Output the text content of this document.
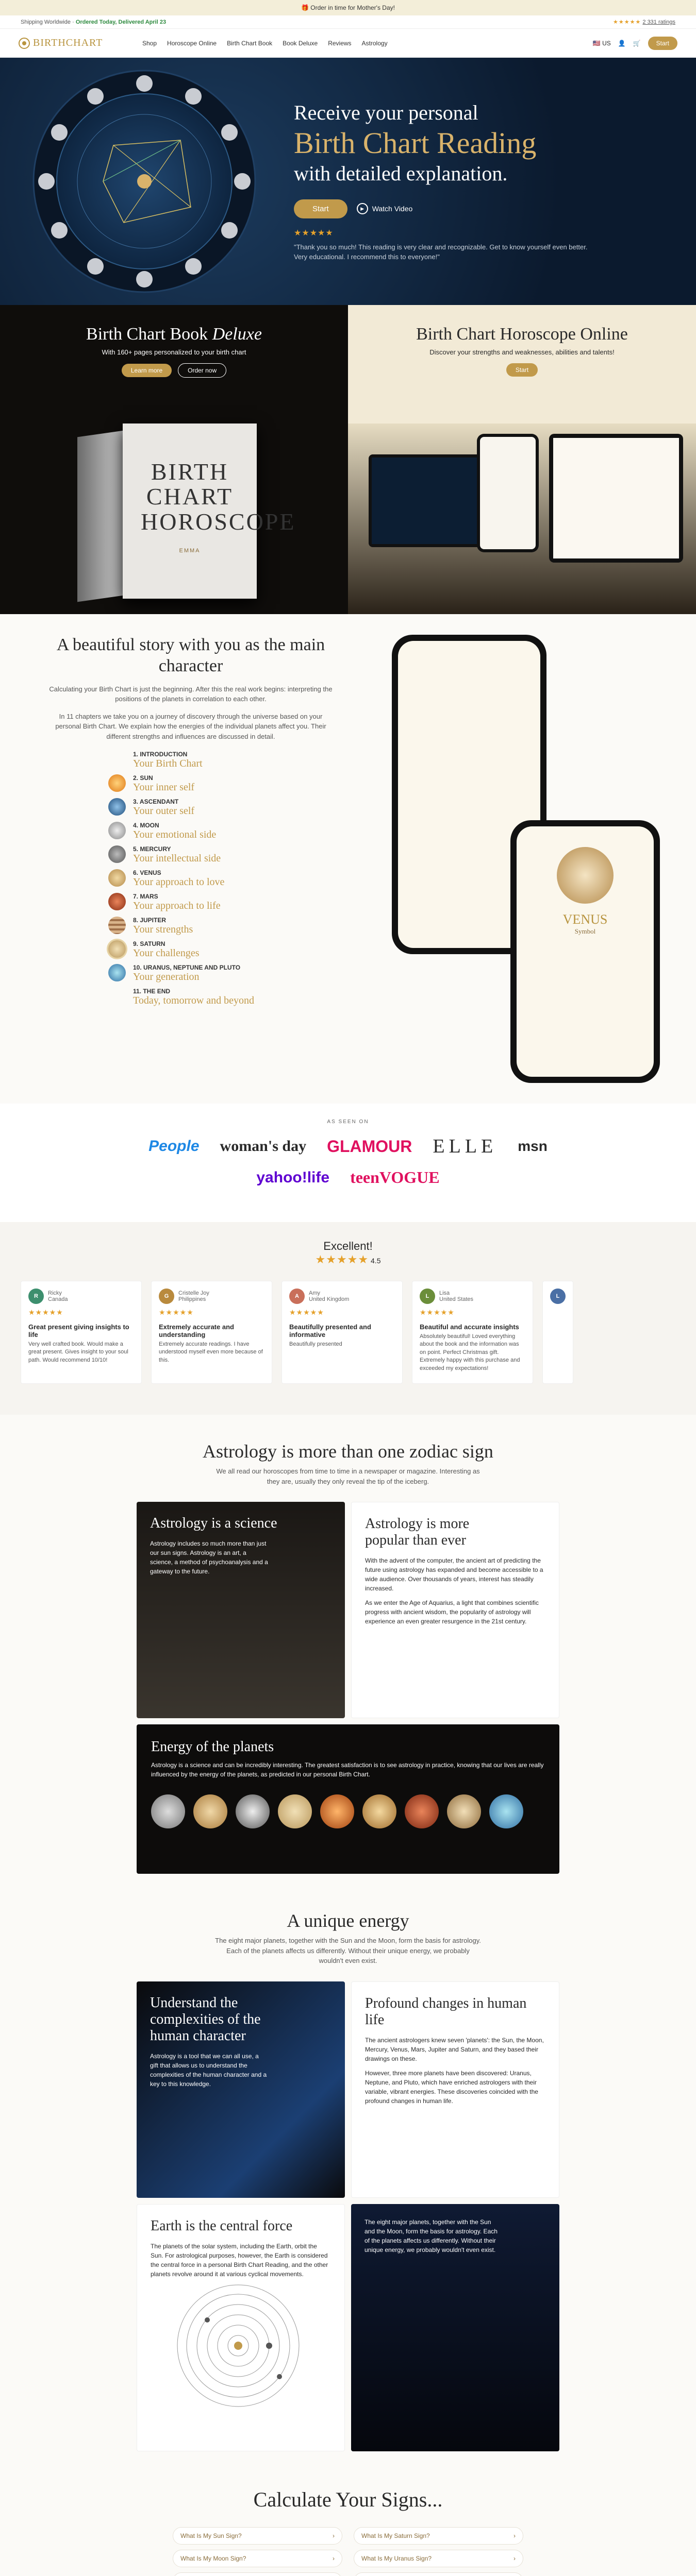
🎁 Order in time for Mother's Day!
Shipping Worldwide · Ordered Today, Delivered April 23	★★★★★ 2 331 ratings
BIRTHCHART	Shop Horoscope Online Birth Chart Book Book Deluxe Reviews Astrology	🇺🇸 US 👤 🛒	Start
Receive your personal
Birth Chart Reading
with detailed explanation.
Start	▶	Watch Video
★★★★★
"Thank you so much! This reading is very clear and recognizable. Get to know yourself even better. Very educational. I recommend this to everyone!"
Birth Chart Book Deluxe

With 160+ pages personalized to your birth chart

Learn more	Order now
BIRTH CHART HOROSCOPE
EMMA
Birth Chart Horoscope Online

Discover your strengths and weaknesses, abilities and talents!

Start
A beautiful story with you as the main character

Calculating your Birth Chart is just the beginning. After this the real work begins: interpreting the positions of the planets in correlation to each other.

In 11 chapters we take you on a journey of discovery through the universe based on your personal Birth Chart. We explain how the energies of the individual planets affect you. Their different strengths and influences are discussed in detail.

1. INTRODUCTION
Your Birth Chart
2. SUN
Your inner self
3. ASCENDANT
Your outer self
4. MOON
Your emotional side
5. MERCURY
Your intellectual side
6. VENUS
Your approach to love
7. MARS
Your approach to life
8. JUPITER
Your strengths
9. SATURN
Your challenges
10. URANUS, NEPTUNE AND PLUTO
Your generation
11. THE END
Today, tomorrow and beyond
VENUS
Symbol
AS SEEN ON
People woman's day GLAMOUR ELLE msn
yahoo!life teenVOGUE
Excellent!
★★★★★ 4.5
R	Ricky
Canada
★★★★★
Great present giving insights to life

Very well crafted book. Would make a great present. Gives insight to your soul path. Would recommend 10/10!

G	Cristelle Joy
Philippines
★★★★★
Extremely accurate and understanding

Extremely accurate readings. I have understood myself even more because of this.

A	Amy
United Kingdom
★★★★★
Beautifully presented and informative

Beautifully presented

L	Lisa
United States
★★★★★
Beautiful and accurate insights

Absolutely beautiful! Loved everything about the book and the information was on point. Perfect Christmas gift. Extremely happy with this purchase and exceeded my expectations!

L
Astrology is more than one zodiac sign

We all read our horoscopes from time to time in a newspaper or magazine. Interesting as they are, usually they only reveal the tip of the iceberg.

Astrology is a science

Astrology includes so much more than just our sun signs. Astrology is an art, a science, a method of psychoanalysis and a gateway to the future.

Astrology is more popular than ever

With the advent of the computer, the ancient art of predicting the future using astrology has expanded and become accessible to a wide audience. Over thousands of years, interest has steadily increased.

As we enter the Age of Aquarius, a light that combines scientific progress with ancient wisdom, the popularity of astrology will experience an even greater resurgence in the 21st century.

Energy of the planets

Astrology is a science and can be incredibly interesting. The greatest satisfaction is to see astrology in practice, knowing that our lives are really influenced by the energy of the planets, as predicted in our personal Birth Chart.

A unique energy

The eight major planets, together with the Sun and the Moon, form the basis for astrology. Each of the planets affects us differently. Without their unique energy, we probably wouldn't even exist.

Understand the complexities of the human character

Astrology is a tool that we can all use, a gift that allows us to understand the complexities of the human character and a key to this knowledge.

Profound changes in human life

The ancient astrologers knew seven 'planets': the Sun, the Moon, Mercury, Venus, Mars, Jupiter and Saturn, and they based their drawings on these.

However, three more planets have been discovered: Uranus, Neptune, and Pluto, which have enriched astrologers with their variable, vibrant energies. These discoveries coincided with the profound changes in human life.

Earth is the central force

The planets of the solar system, including the Earth, orbit the Sun. For astrological purposes, however, the Earth is considered the central force in a personal Birth Chart Reading, and the other planets revolve around it at various cyclical movements.

The eight major planets, together with the Sun and the Moon, form the basis for astrology. Each of the planets affects us differently. Without their unique energy, we probably wouldn't even exist.

Calculate Your Signs...
What Is My Sun Sign?	›	What Is My Saturn Sign?	›
What Is My Moon Sign?	›	What Is My Uranus Sign?	›
